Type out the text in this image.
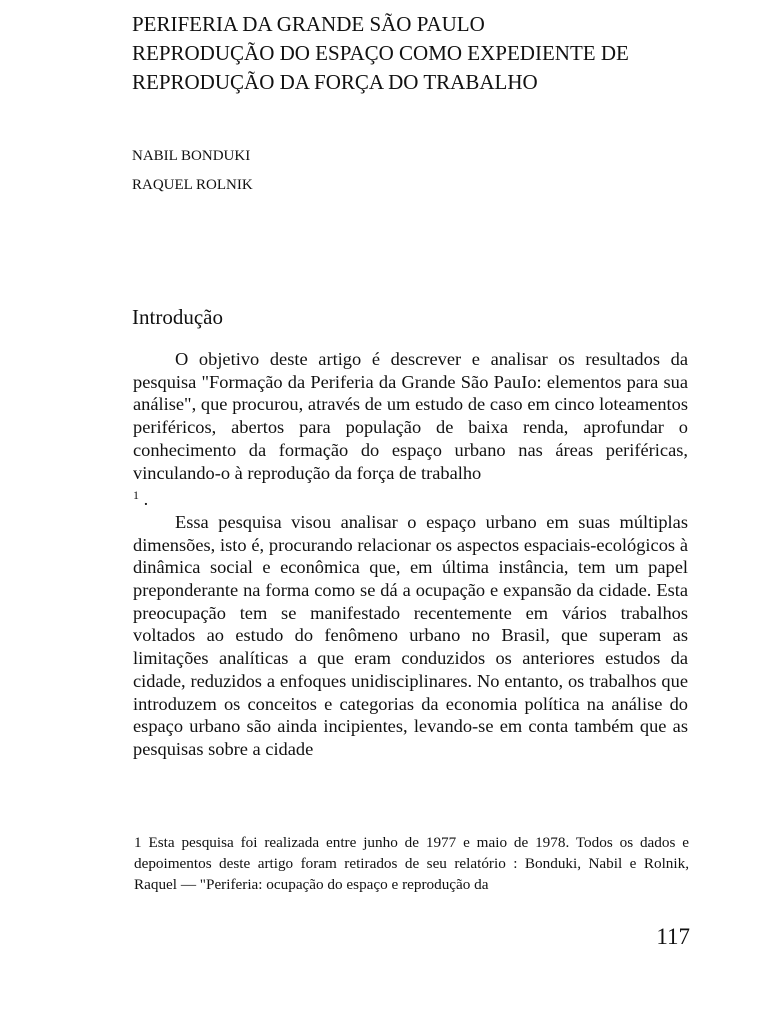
PERIFERIA DA GRANDE SÃO PAULO
REPRODUÇÃO DO ESPAÇO COMO EXPEDIENTE DE
REPRODUÇÃO DA FORÇA DO TRABALHO
NABIL BONDUKI
RAQUEL ROLNIK
Introdução

O objetivo deste artigo é descrever e analisar os resultados da pesquisa "Formação da Periferia da Grande São PauIo: elementos para sua análise", que procurou, através de um estudo de caso em cinco loteamentos periféricos, abertos para população de baixa renda, aprofundar o conhecimento da formação do espaço urbano nas áreas periféricas, vinculando-o à reprodução da força de trabalho
$^1$ .

Essa pesquisa visou analisar o espaço urbano em suas múltiplas dimensões, isto é, procurando relacionar os aspectos espaciais-ecológicos à dinâmica social e econômica que, em última instância, tem um papel preponderante na forma como se dá a ocupação e expansão da cidade. Esta preocupação tem se manifestado recentemente em vários trabalhos voltados ao estudo do fenômeno urbano no Brasil, que superam as limitações analíticas a que eram conduzidos os anteriores estudos da cidade, reduzidos a enfoques unidisciplinares. No entanto, os trabalhos que introduzem os conceitos e categorias da economia política na análise do espaço urbano são ainda incipientes, levando-se em conta também que as pesquisas sobre a cidade

1 Esta pesquisa foi realizada entre junho de 1977 e maio de 1978. Todos os dados e depoimentos deste artigo foram retirados de seu relatório : Bonduki, Nabil e Rolnik, Raquel — "Periferia: ocupação do espaço e reprodução da

117
